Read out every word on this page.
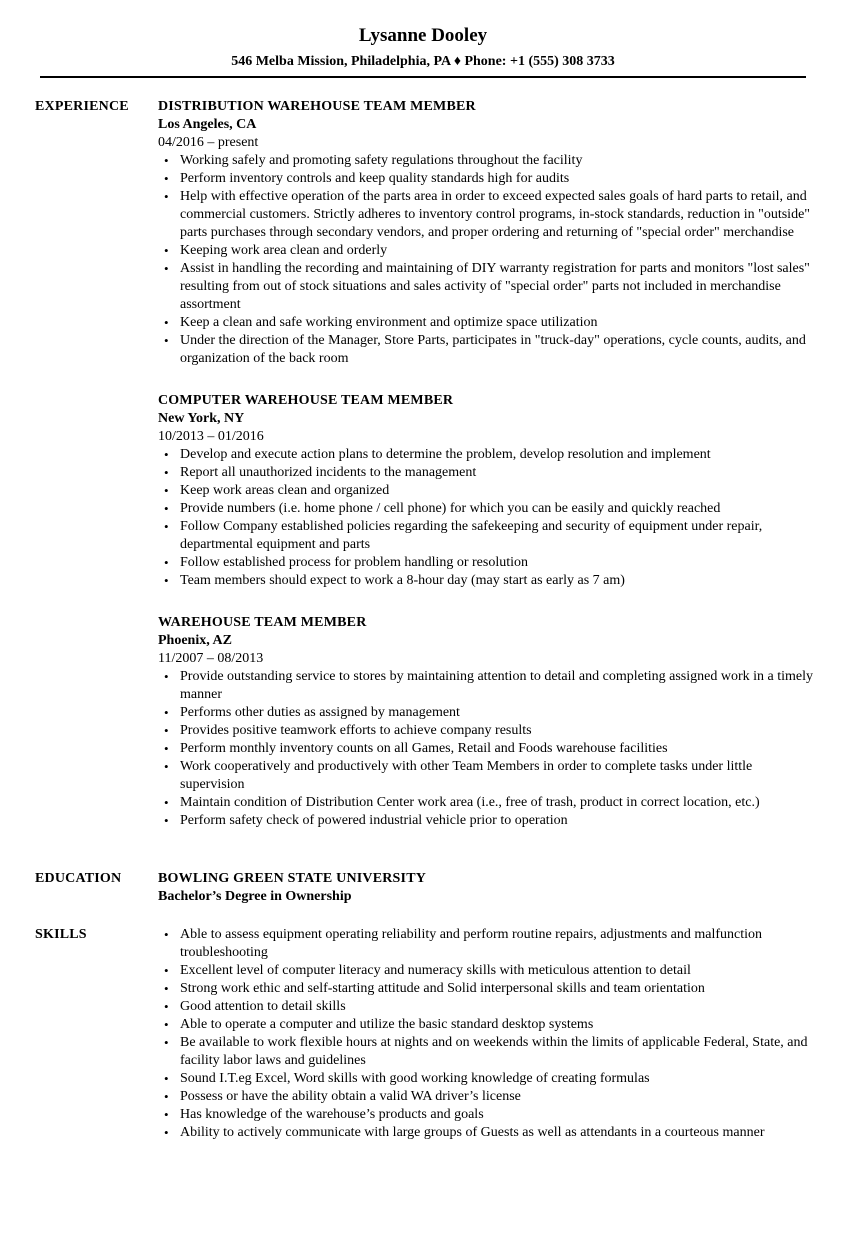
Lysanne Dooley
546 Melba Mission, Philadelphia, PA ♦ Phone: +1 (555) 308 3733
EXPERIENCE DISTRIBUTION WAREHOUSE TEAM MEMBER
Los Angeles, CA
04/2016 – present
• Working safely and promoting safety regulations throughout the facility
• Perform inventory controls and keep quality standards high for audits
• Help with effective operation of the parts area in order to exceed expected sales goals of hard parts to retail, and commercial customers. Strictly adheres to inventory control programs, in-stock standards, reduction in "outside" parts purchases through secondary vendors, and proper ordering and returning of "special order" merchandise
• Keeping work area clean and orderly
• Assist in handling the recording and maintaining of DIY warranty registration for parts and monitors "lost sales" resulting from out of stock situations and sales activity of "special order" parts not included in merchandise assortment
• Keep a clean and safe working environment and optimize space utilization
• Under the direction of the Manager, Store Parts, participates in "truck-day" operations, cycle counts, audits, and organization of the back room
COMPUTER WAREHOUSE TEAM MEMBER
New York, NY
10/2013 – 01/2016
• Develop and execute action plans to determine the problem, develop resolution and implement
• Report all unauthorized incidents to the management
• Keep work areas clean and organized
• Provide numbers (i.e. home phone / cell phone) for which you can be easily and quickly reached
• Follow Company established policies regarding the safekeeping and security of equipment under repair, departmental equipment and parts
• Follow established process for problem handling or resolution
• Team members should expect to work a 8-hour day (may start as early as 7 am)
WAREHOUSE TEAM MEMBER
Phoenix, AZ
11/2007 – 08/2013
• Provide outstanding service to stores by maintaining attention to detail and completing assigned work in a timely manner
• Performs other duties as assigned by management
• Provides positive teamwork efforts to achieve company results
• Perform monthly inventory counts on all Games, Retail and Foods warehouse facilities
• Work cooperatively and productively with other Team Members in order to complete tasks under little supervision
• Maintain condition of Distribution Center work area (i.e., free of trash, product in correct location, etc.)
• Perform safety check of powered industrial vehicle prior to operation
EDUCATION	BOWLING GREEN STATE UNIVERSITY
Bachelor’s Degree in Ownership
SKILLS
•	Able to assess equipment operating reliability and perform routine repairs, adjustments and malfunction troubleshooting
• Excellent level of computer literacy and numeracy skills with meticulous attention to detail
• Strong work ethic and self-starting attitude and Solid interpersonal skills and team orientation
• Good attention to detail skills
• Able to operate a computer and utilize the basic standard desktop systems
• Be available to work flexible hours at nights and on weekends within the limits of applicable Federal, State, and facility labor laws and guidelines
• Sound I.T.eg Excel, Word skills with good working knowledge of creating formulas
• Possess or have the ability obtain a valid WA driver’s license
• Has knowledge of the warehouse’s products and goals
• Ability to actively communicate with large groups of Guests as well as attendants in a courteous manner
